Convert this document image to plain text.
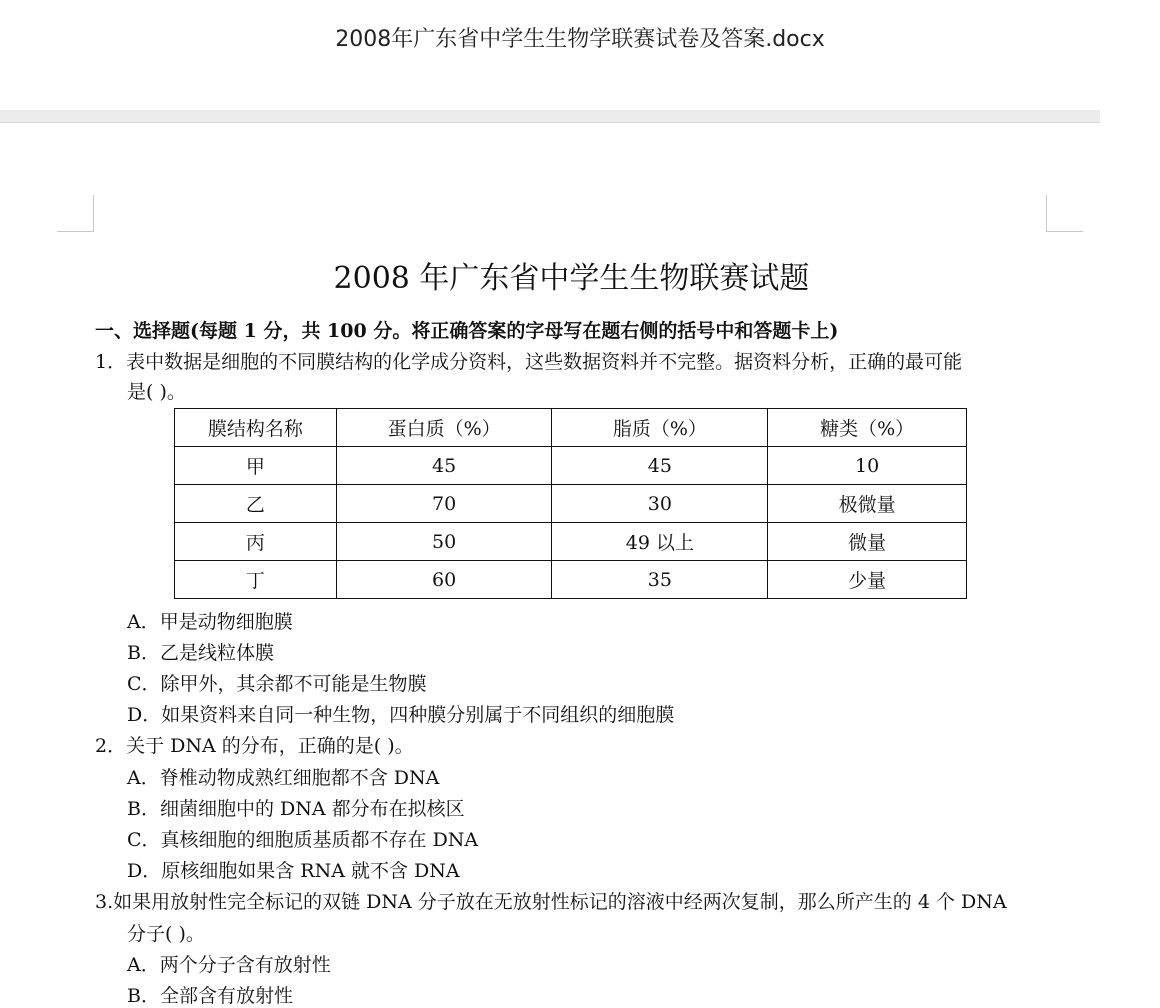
2008年广东省中学生生物学联赛试卷及答案.docx
2008 年广东省中学生生物联赛试题
一、选择题(每题 1 分，共 100 分。将正确答案的字母写在题右侧的括号中和答题卡上)
1．表中数据是细胞的不同膜结构的化学成分资料，这些数据资料并不完整。据资料分析，正确的最可能
是( )。
膜结构名称	蛋白质（%）	脂质（%）	糖类（%）
甲	45	45	10
乙	70	30	极微量
丙	50	49 以上	微量
丁	60	35	少量
A．甲是动物细胞膜
B．乙是线粒体膜
C．除甲外，其余都不可能是生物膜
D．如果资料来自同一种生物，四种膜分别属于不同组织的细胞膜
2．关于 DNA 的分布，正确的是( )。
A．脊椎动物成熟红细胞都不含 DNA
B．细菌细胞中的 DNA 都分布在拟核区
C．真核细胞的细胞质基质都不存在 DNA
D．原核细胞如果含 RNA 就不含 DNA
3.如果用放射性完全标记的双链 DNA 分子放在无放射性标记的溶液中经两次复制，那么所产生的 4 个 DNA
分子( )。
A．两个分子含有放射性
B．全部含有放射性
